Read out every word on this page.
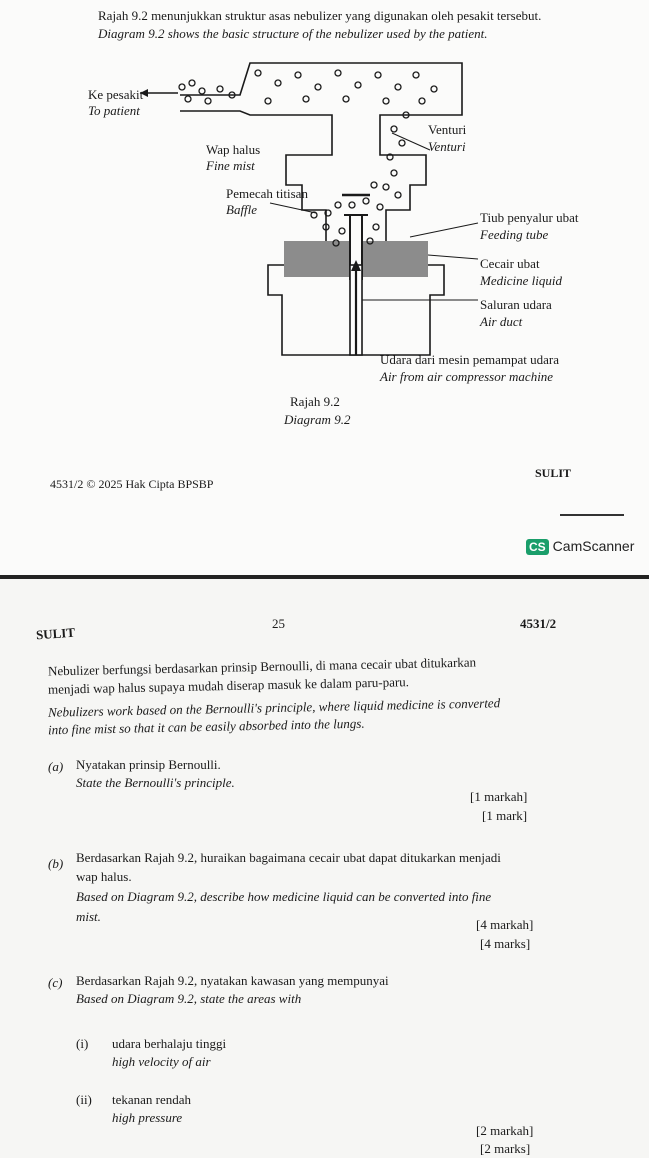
Rajah 9.2 menunjukkan struktur asas nebulizer yang digunakan oleh pesakit tersebut.
Diagram 9.2 shows the basic structure of the nebulizer used by the patient.
Ke pesakit
To patient
Venturi
Venturi
Wap halus
Fine mist
Pemecah titisan
Baffle
Tiub penyalur ubat
Feeding tube
Cecair ubat
Medicine liquid
Saluran udara
Air duct
Udara dari mesin pemampat udara
Air from air compressor machine
Rajah 9.2
Diagram 9.2
4531/2 © 2025 Hak Cipta BPSBP
SULIT
CS CamScanner
25	4531/2
SULIT
Nebulizer berfungsi berdasarkan prinsip Bernoulli, di mana cecair ubat ditukarkan
menjadi wap halus supaya mudah diserap masuk ke dalam paru-paru.
Nebulizers work based on the Bernoulli's principle, where liquid medicine is converted
into fine mist so that it can be easily absorbed into the lungs.
(a) Nyatakan prinsip Bernoulli.
State the Bernoulli's principle.
[1 markah]
[1 mark]
(b) Berdasarkan Rajah 9.2, huraikan bagaimana cecair ubat dapat ditukarkan menjadi
wap halus.
Based on Diagram 9.2, describe how medicine liquid can be converted into fine
mist.
[4 markah]
[4 marks]
(c) Berdasarkan Rajah 9.2, nyatakan kawasan yang mempunyai
Based on Diagram 9.2, state the areas with
(i) udara berhalaju tinggi
high velocity of air
(ii) tekanan rendah
high pressure
[2 markah]
[2 marks]
